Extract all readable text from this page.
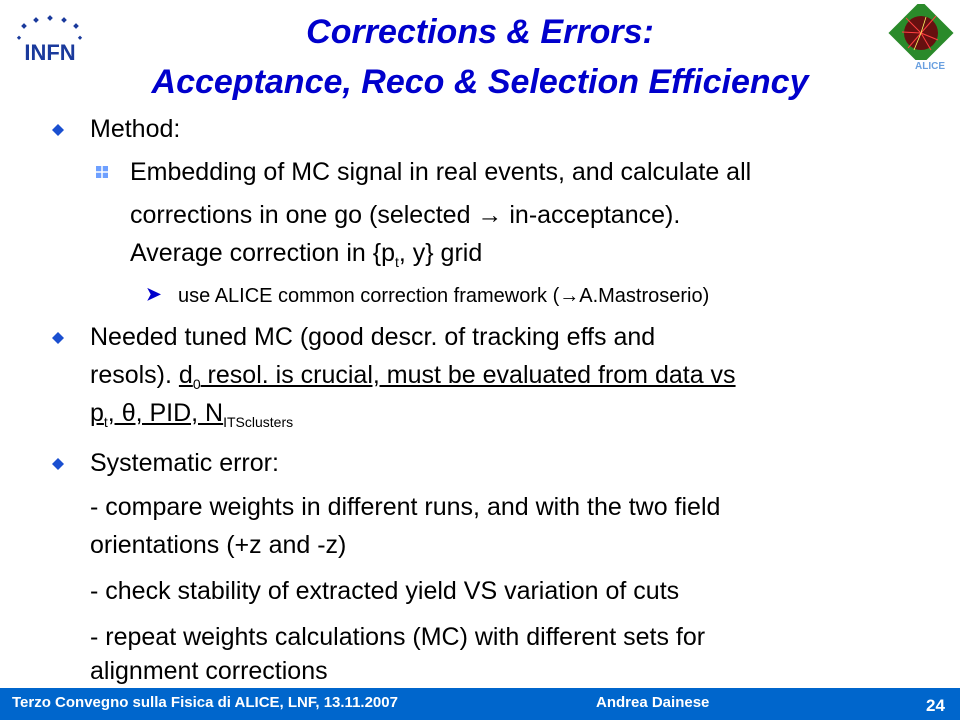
INFN
ALICE
Corrections & Errors:
Acceptance, Reco & Selection Efficiency
Method:
Embedding of MC signal in real events, and calculate all
corrections in one go (selected → in-acceptance).
Average correction in {$p_t$, y} grid
➤ use ALICE common correction framework (→A.Mastroserio)
Needed tuned MC (good descr. of tracking effs and
resols). $d_0$ resol. is crucial, must be evaluated from data vs
$p_t$, θ, PID, $N_{ITSclusters}$
Systematic error:
- compare weights in different runs, and with the two field
orientations (+z and -z)
- check stability of extracted yield VS variation of cuts
- repeat weights calculations (MC) with different sets for
alignment corrections
Terzo Convegno sulla Fisica di ALICE, LNF, 13.11.2007	Andrea Dainese	24
